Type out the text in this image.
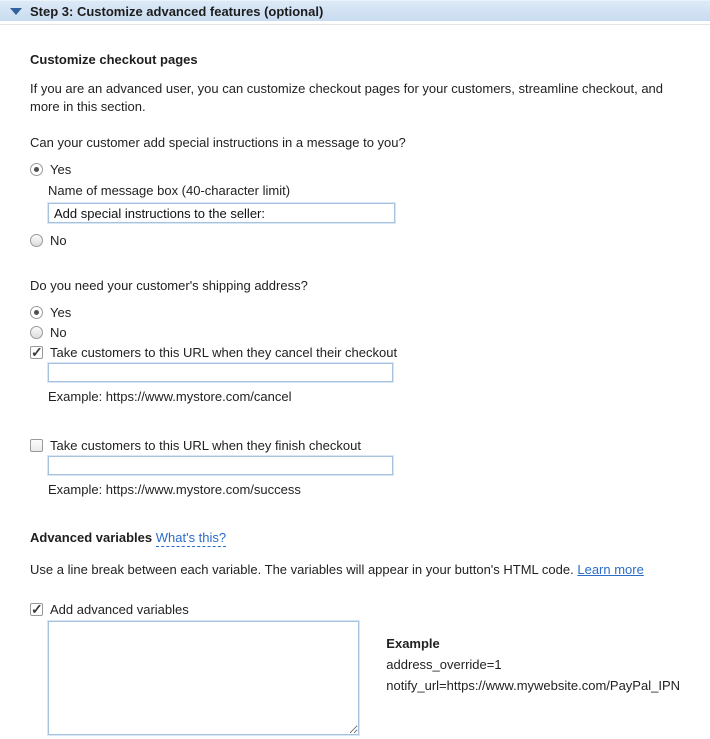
Step 3: Customize advanced features (optional)
Customize checkout pages

If you are an advanced user, you can customize checkout pages for your customers, streamline checkout, and more in this section.

Can your customer add special instructions in a message to you?

Yes

Name of message box (40-character limit)

Add special instructions to the seller:
No

Do you need your customer's shipping address?

Yes
No
✓
Take customers to this URL when they cancel their checkout

Example: https://www.mystore.com/cancel

Take customers to this URL when they finish checkout

Example: https://www.mystore.com/success

Advanced variables What's this?

Use a line break between each variable. The variables will appear in your button's HTML code. Learn more

✓
Add advanced variables
Example
address_override=1
notify_url=https://www.mywebsite.com/PayPal_IPN
